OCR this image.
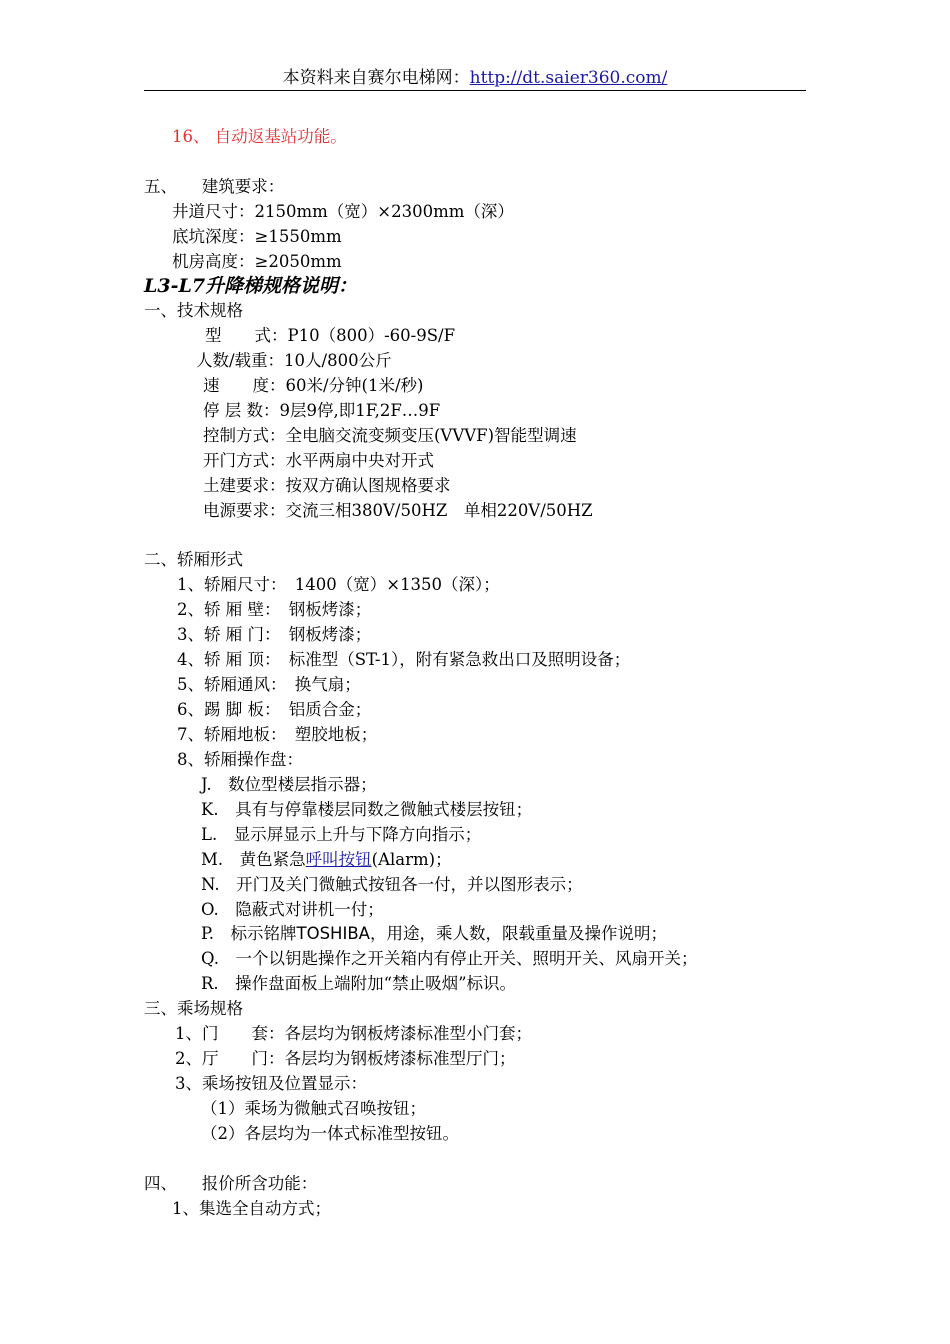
本资料来自赛尔电梯网：http://dt.saier360.com/
16、 自动返基站功能。
五、　　建筑要求：
井道尺寸：2150mm（宽）×2300mm（深）
底坑深度：≥1550mm
机房高度：≥2050mm
L3-L7升降梯规格说明：
一、技术规格
型　　式：P10（800）-60-9S/F
人数/载重：10人/800公斤
速　　度：60米/分钟(1米/秒)
停 层 数：9层9停,即1F,2F…9F
控制方式：全电脑交流变频变压(VVVF)智能型调速
开门方式：水平两扇中央对开式
土建要求：按双方确认图规格要求
电源要求：交流三相380V/50HZ　单相220V/50HZ
二、轿厢形式
1、轿厢尺寸：　1400（宽）×1350（深）；
2、轿 厢 壁：　钢板烤漆；
3、轿 厢 门：　钢板烤漆；
4、轿 厢 顶：　标准型（ST-1），附有紧急救出口及照明设备；
5、轿厢通风：　换气扇；
6、踢 脚 板：　铝质合金；
7、轿厢地板：　塑胶地板；
8、轿厢操作盘：
J.　数位型楼层指示器；
K.　具有与停靠楼层同数之微触式楼层按钮；
L.　显示屏显示上升与下降方向指示；
M.　黄色紧急呼叫按钮(Alarm)；
N.　开门及关门微触式按钮各一付，并以图形表示；
O.　隐蔽式对讲机一付；
P.　标示铭牌TOSHIBA，用途，乘人数，限载重量及操作说明；
Q.　一个以钥匙操作之开关箱内有停止开关、照明开关、风扇开关；
R.　操作盘面板上端附加“禁止吸烟”标识。
三、乘场规格
1、门　　套：各层均为钢板烤漆标准型小门套；
2、厅　　门：各层均为钢板烤漆标准型厅门；
3、乘场按钮及位置显示：
（1）乘场为微触式召唤按钮；
（2）各层均为一体式标准型按钮。
四、　　报价所含功能：
1、集选全自动方式；
